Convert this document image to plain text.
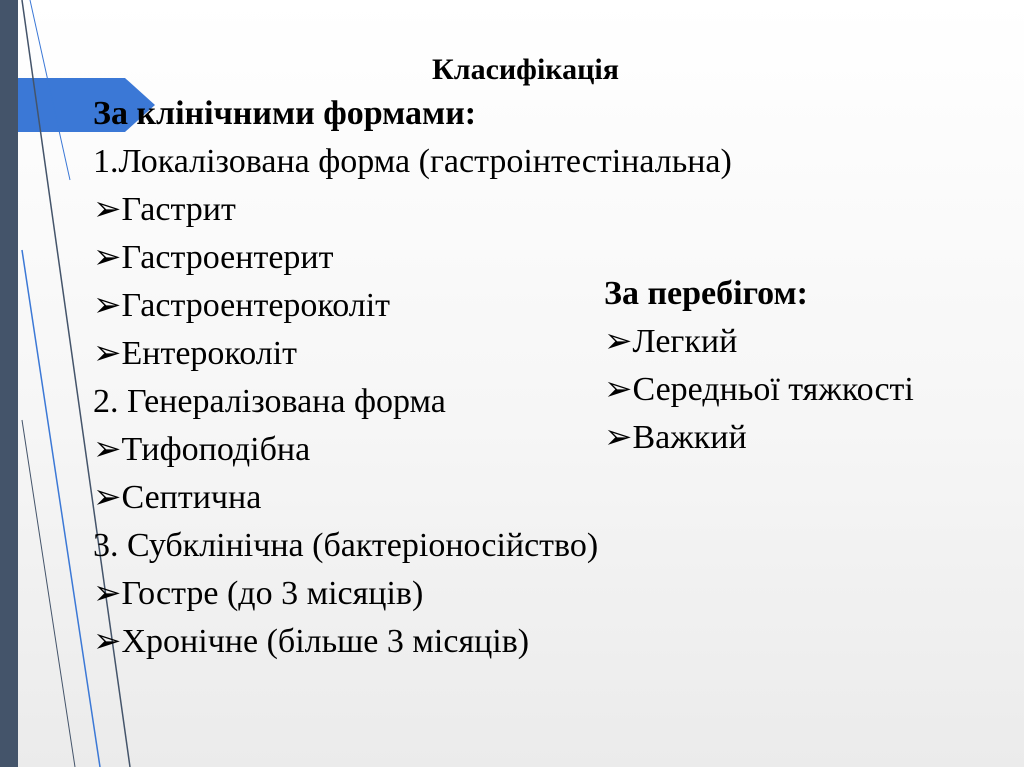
Класифікація
За клінічними формами:
1.Локалізована форма (гастроінтестінальна)
➢Гастрит
➢Гастроентерит
➢Гастроентероколіт
➢Ентероколіт
2. Генералізована форма
➢Тифоподібна
➢Септична
3. Субклінічна (бактеріоносійство)
➢Гостре (до 3 місяців)
➢Хронічне (більше 3 місяців)
За перебігом:
➢Легкий
➢Середньої тяжкості
➢Важкий
